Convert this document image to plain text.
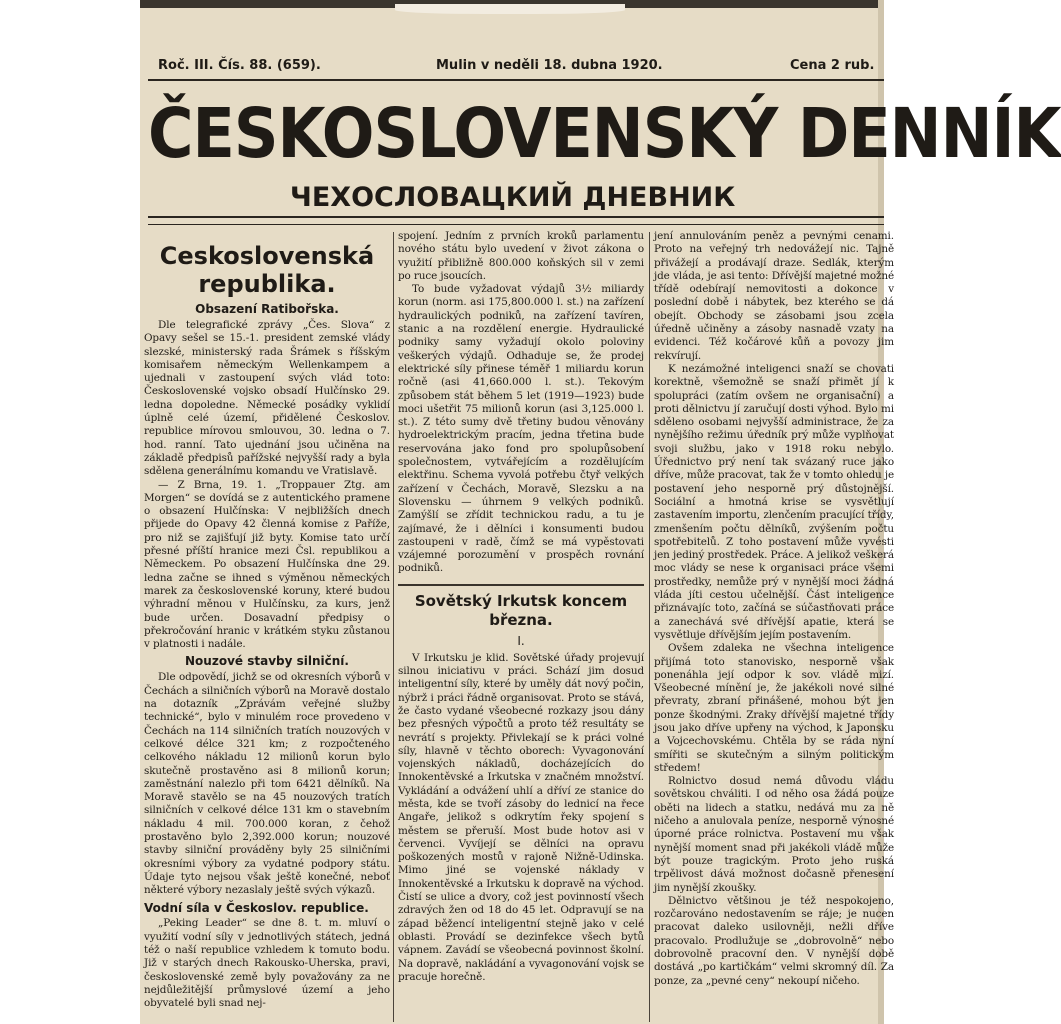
Roč. III. Čís. 88. (659).	Mulin v neděli 18. dubna 1920.	Cena 2 rub.
ČESKOSLOVENSKÝ DENNÍK
ЧЕХОСЛОВАЦКИЙ ДНЕВНИК
Ceskoslovenská republika.
Obsazení Ratibořska.

Dle telegrafické zprávy „Čes. Slova“ z Opavy sešel se 15.-1. president zemské vlády slezské, ministerský rada Šrámek s říšským komisařem německým Wellenkampem a ujednali v zastoupení svých vlád toto: Československé vojsko obsadí Hulčínsko 29. ledna dopoledne. Německé posádky vyklidí úplně celé území, přidělené Českoslov. republice mírovou smlouvou, 30. ledna o 7. hod. ranní. Tato ujednání jsou učiněna na základě předpisů pařížské nejvyšší rady a byla sdělena generálnímu komandu ve Vratislavě.

— Z Brna, 19. 1. „Troppauer Ztg. am Morgen“ se dovídá se z autentického pramene o obsazení Hulčínska: V nejbližších dnech přijede do Opavy 42 členná komise z Paříže, pro niž se zajišťují již byty. Komise tato určí přesné příští hranice mezi Čsl. republikou a Německem. Po obsazení Hulčínska dne 29. ledna začne se ihned s výměnou německých marek za československé koruny, které budou výhradní měnou v Hulčínsku, za kurs, jenž bude určen. Dosavadní předpisy o překročování hranic v krátkém styku zůstanou v platnosti i nadále.

Nouzové stavby silniční.

Dle odpovědí, jichž se od okresních výborů v Čechách a silničních výborů na Moravě dostalo na dotazník „Zprávám veřejné služby technické“, bylo v minulém roce provedeno v Čechách na 114 silničních tratích nouzových v celkové délce 321 km; z rozpočteného celkového nákladu 12 milionů korun bylo skutečně prostavěno asi 8 milionů korun; zaměstnání nalezlo při tom 6421 dělníků. Na Moravě stavělo se na 45 nouzových tratích silničních v celkové délce 131 km o stavebním nákladu 4 mil. 700.000 koran, z čehož prostavěno bylo 2,392.000 korun; nouzové stavby silniční prováděny byly 25 silničními okresními výbory za vydatné podpory státu. Údaje tyto nejsou však ještě konečné, neboť některé výbory nezaslaly ještě svých výkazů.

Vodní síla v Českoslov. republice.

„Peking Leader“ se dne 8. t. m. mluví o využití vodní síly v jednotlivých státech, jedná též o naší republice vzhledem k tomuto bodu. Již v starých dnech Rakousko-Uherska, pravi, československé země byly považovány za ne nejdůležitější průmyslové území a jeho obyvatelé byli snad nej-

spojení. Jedním z prvních kroků parlamentu nového státu bylo uvedení v život zákona o využití přibližně 800.000 koňských sil v zemi po ruce jsoucích.

To bude vyžadovat výdajů 3½ miliardy korun (norm. asi 175,800.000 l. st.) na zařízení hydraulických podniků, na zařízení tavíren, stanic a na rozdělení energie. Hydraulické podniky samy vyžadují okolo poloviny veškerých výdajů. Odhaduje se, že prodej elektrické síly přinese téměř 1 miliardu korun ročně (asi 41,660.000 l. st.). Tekovým způsobem stát během 5 let (1919—1923) bude moci ušetřit 75 milionů korun (asi 3,125.000 l. st.). Z této sumy dvě třetiny budou věnovány hydroelektrickým pracím, jedna třetina bude reservována jako fond pro spolupůsobení společnostem, vytvářejícím a rozdělujícím elektřinu. Schema vyvolá potřebu čtyř velkých zařízení v Čechách, Moravě, Slezsku a na Slovensku — úhrnem 9 velkých podniků. Zamýšlí se zřídit technickou radu, a tu je zajímavé, že i dělníci i konsumenti budou zastoupeni v radě, čímž se má vypěstovati vzájemné porozumění v prospěch rovnání podniků.

Sovětský Irkutsk koncem března.
I.

V Irkutsku je klid. Sovětské úřady projevují silnou iniciativu v práci. Schází jim dosud inteligentní síly, které by uměly dát nový počin, nýbrž i práci řádně organisovat. Proto se stává, že často vydané všeobecné rozkazy jsou dány bez přesných výpočtů a proto též resultáty se nevrátí s projekty. Přivlekají se k práci volné síly, hlavně v těchto oborech: Vyvagonování vojenských nákladů, docházejících do Innokentěvské a Irkutska v značném množství. Vykládání a odvážení uhlí a dříví ze stanice do města, kde se tvoří zásoby do lednicí na řece Angaře, jelikož s odkrytím řeky spojení s městem se přeruší. Most bude hotov asi v červenci. Vyvíjejí se dělníci na opravu poškozených mostů v rajoně Nižně-Udinska. Mimo jiné se vojenské náklady v Innokentěvské a Irkutsku k dopravě na východ. Čistí se ulice a dvory, což jest povinností všech zdravých žen od 18 do 45 let. Odpravují se na západ běžencí inteligentní stejně jako v celé oblasti. Provádí se dezinfekce všech bytů vápnem. Zavádí se všeobecná povinnost školní. Na dopravě, nakládání a vyvagonování vojsk se pracuje horečně.

jení annulováním peněz a pevnými cenami. Proto na veřejný trh nedovážejí nic. Tajně přivážejí a prodávají draze. Sedlák, kterým jde vláda, je asi tento: Dřívější majetné možné třídě odebírají nemovitosti a dokonce v poslední době i nábytek, bez kterého se dá obejít. Obchody se zásobami jsou zcela úředně učiněny a zásoby nasnadě vzaty na evidenci. Též kočárové kůň a povozy jim rekvírují.

K nezámožné inteligenci snaží se chovati korektně, všemožně se snaží přimět jí k spolupráci (zatím ovšem ne organisační) a proti dělnictvu jí zaručují dosti výhod. Bylo mi sděleno osobami nejvyšší administrace, že za nynějšího režimu úředník prý může vyplňovat svoji službu, jako v 1918 roku nebylo. Úřednictvo prý není tak svázaný ruce jako dříve, může pracovat, tak že v tomto ohledu je postavení jeho nesporně prý důstojnější. Sociální a hmotná krise se vysvětlují zastavením importu, zlenčením pracující třídy, zmenšením počtu dělníků, zvýšením počtu spotřebitelů. Z toho postavení může vyvésti jen jediný prostředek. Práce. A jelikož veškerá moc vlády se nese k organisaci práce všemi prostředky, nemůže prý v nynější moci žádná vláda jíti cestou učelnější. Část inteligence přiznávajíc toto, začíná se súčastňovati práce a zanechává své dřívější apatie, která se vysvětluje dřívějším jejím postavením.

Ovšem zdaleka ne všechna inteligence přijímá toto stanovisko, nesporně však ponenáhla její odpor k sov. vládě mizí. Všeobecné mínění je, že jakékoli nové silné převraty, zbraní přinášené, mohou být jen ponze škodnými. Zraky dřívější majetné třídy jsou jako dříve upřeny na východ, k Japonsku a Vojcechovskému. Chtěla by se ráda nyní smířiti se skutečným a silným politickým středem!

Rolnictvo dosud nemá důvodu vládu sovětskou chváliti. I od něho osa žádá pouze oběti na lidech a statku, nedává mu za ně ničeho a anulovala peníze, nesporně výnosné úporné práce rolnictva. Postavení mu však nynější moment snad při jakékoli vládě může být pouze tragickým. Proto jeho ruská trpělivost dává možnost dočasně přenesení jim nynější zkoušky.

Dělnictvo většinou je též nespokojeno, rozčarováno nedostavením se ráje; je nucen pracovat daleko usilovněji, nežli dříve pracovalo. Prodlužuje se „dobrovolně“ nebo dobrovolně pracovní den. V nynější době dostává „po kartičkám“ velmi skromný díl. Za ponze, za „pevné ceny“ nekoupí ničeho.
